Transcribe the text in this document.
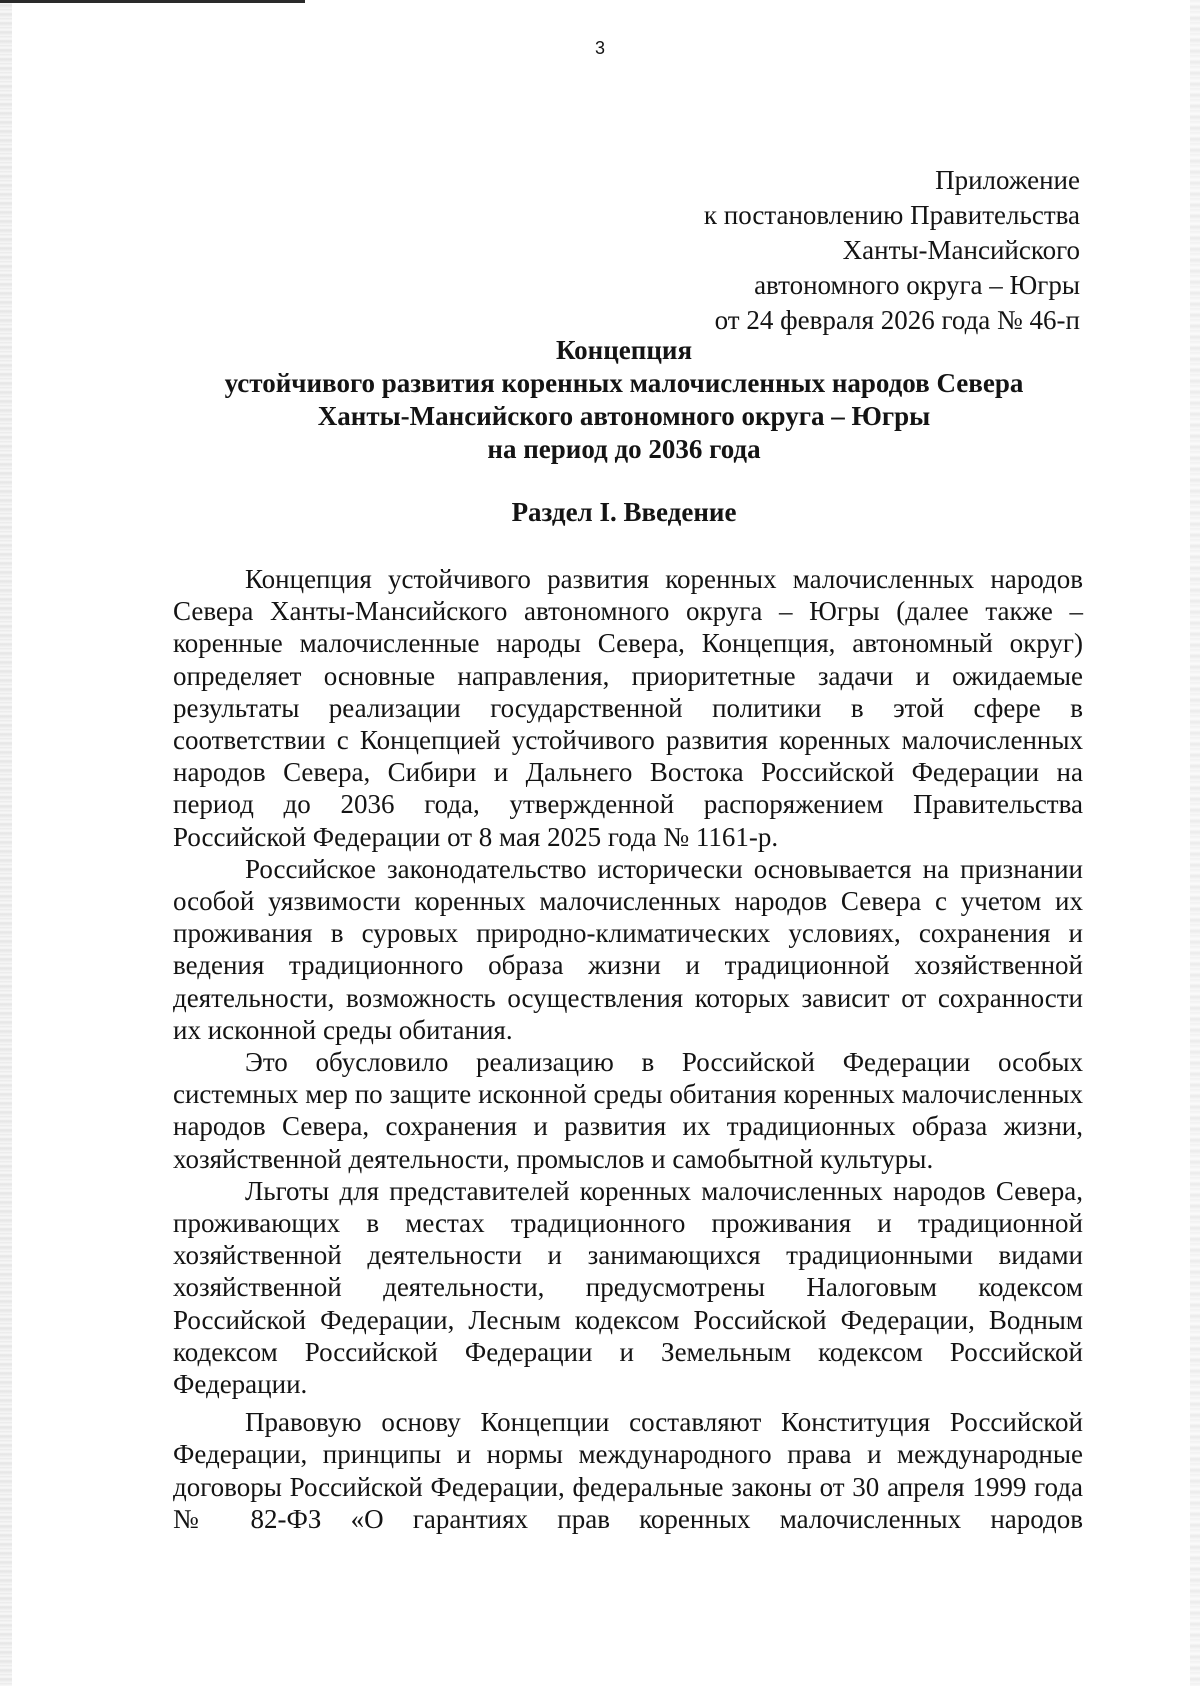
3
Приложение
к постановлению Правительства
Ханты-Мансийского
автономного округа – Югры
от 24 февраля 2026 года № 46-п
Концепция
устойчивого развития коренных малочисленных народов Севера
Ханты-Мансийского автономного округа – Югры
на период до 2036 года
Раздел I. Введение

Концепция устойчивого развития коренных малочисленных народов Севера Ханты-Мансийского автономного округа – Югры (далее также – коренные малочисленные народы Севера, Концепция, автономный округ) определяет основные направления, приоритетные задачи и ожидаемые результаты реализации государственной политики в этой сфере в соответствии с Концепцией устойчивого развития коренных малочисленных народов Севера, Сибири и Дальнего Востока Российской Федерации на период до 2036 года, утвержденной распоряжением Правительства Российской Федерации от 8 мая 2025 года № 1161-р.

Российское законодательство исторически основывается на признании особой уязвимости коренных малочисленных народов Севера с учетом их проживания в суровых природно-климатических условиях, сохранения и ведения традиционного образа жизни и традиционной хозяйственной деятельности, возможность осуществления которых зависит от сохранности их исконной среды обитания.

Это обусловило реализацию в Российской Федерации особых системных мер по защите исконной среды обитания коренных малочисленных народов Севера, сохранения и развития их традиционных образа жизни, хозяйственной деятельности, промыслов и самобытной культуры.

Льготы для представителей коренных малочисленных народов Севера, проживающих в местах традиционного проживания и традиционной хозяйственной деятельности и занимающихся традиционными видами хозяйственной деятельности, предусмотрены Налоговым кодексом Российской Федерации, Лесным кодексом Российской Федерации, Водным кодексом Российской Федерации и Земельным кодексом Российской Федерации.

Правовую основу Концепции составляют Конституция Российской Федерации, принципы и нормы международного права и международные договоры Российской Федерации, федеральные законы от 30 апреля 1999 года № 82-ФЗ «О гарантиях прав коренных малочисленных народов
